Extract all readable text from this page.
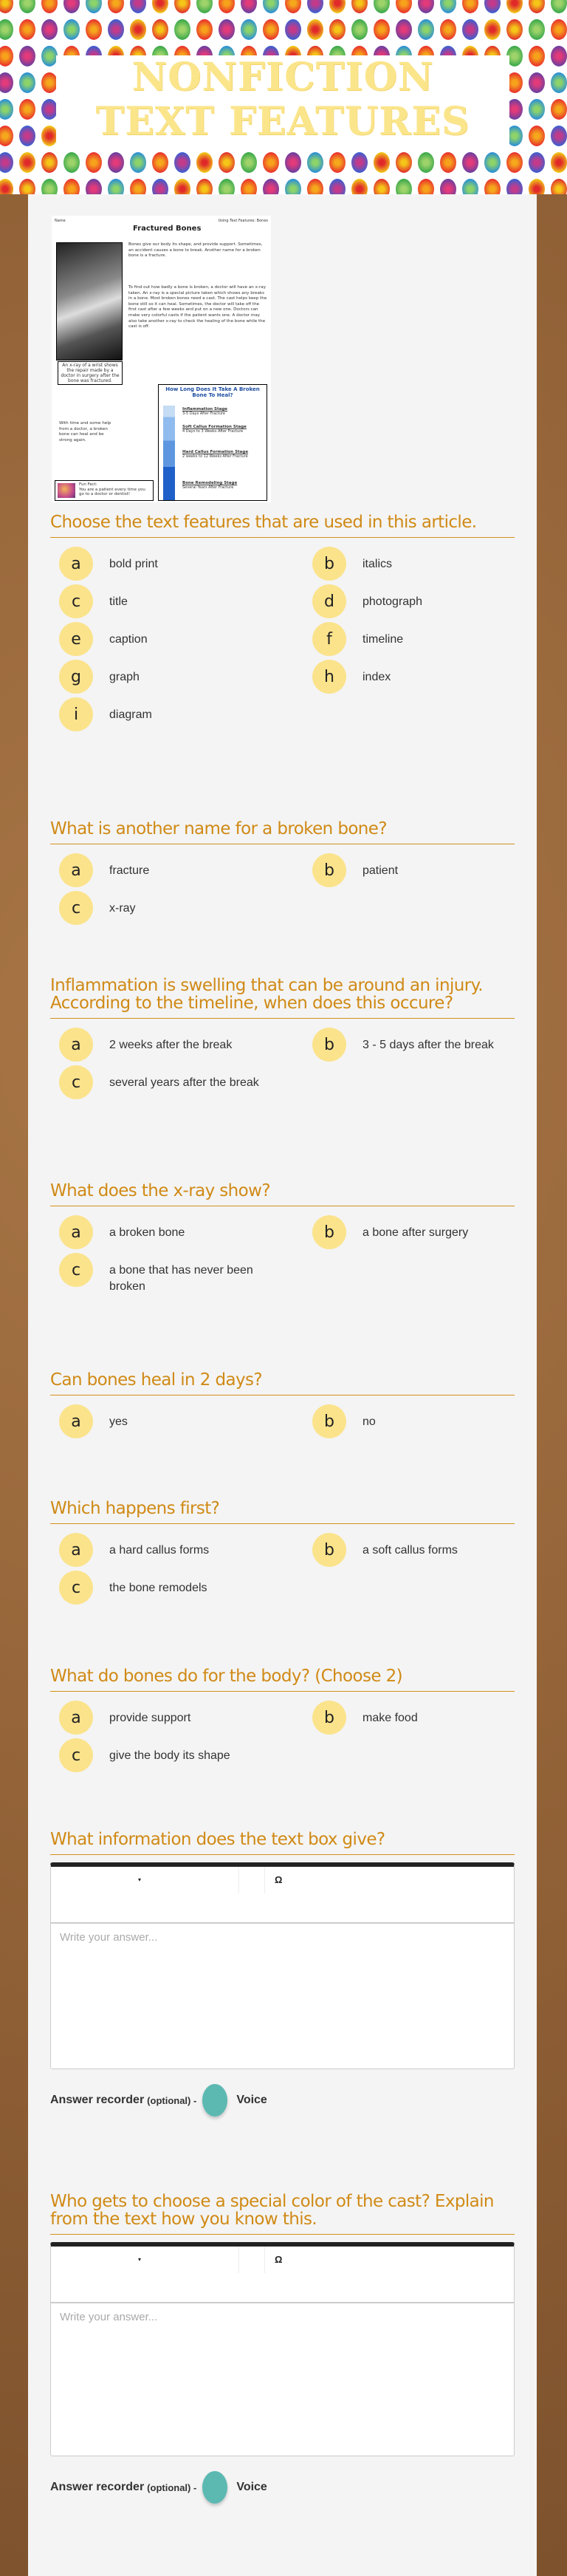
NONFICTION
TEXT FEATURES
Name	Using Text Features: Bones
Fractured Bones
An x-ray of a wrist shows the repair made by a doctor in surgery after the bone was fractured.
Bones give our body its shape, and provide support. Sometimes, an accident causes a bone to break. Another name for a broken bone is a fracture.
To find out how badly a bone is broken, a doctor will have an x-ray taken. An x-ray is a special picture taken which shows any breaks in a bone. Most broken bones need a cast. The cast helps keep the bone still so it can heal. Sometimes, the doctor will take off the first cast after a few weeks and put on a new one. Doctors can make very colorful casts if the patient wants one. A doctor may also take another x-ray to check the healing of the bone while the cast is off.
With time and some help from a doctor, a broken bone can heal and be strong again.
How Long Does It Take A Broken Bone To Heal?
Inflammation Stage
3-5 Days After Fracture
Soft Callus Formation Stage
4 Days to 3 Weeks After Fracture
Hard Callus Formation Stage
2 weeks to 12 Weeks After Fracture
Bone Remodeling Stage
Several Years After Fracture
Fun Fact:
You are a patient every time you go to a doctor or dentist!
Choose the text features that are used in this article.
a	bold print	b	italics
c	title	d	photograph
e	caption	f	timeline
g	graph	h	index
i	diagram
What is another name for a broken bone?
a	fracture	b	patient
c	x-ray
Inflammation is swelling that can be around an injury. According to the timeline, when does this occure?
a	2 weeks after the break	b	3 - 5 days after the break
c	several years after the break
What does the x-ray show?
a	a broken bone	b	a bone after surgery
c	a bone that has never been broken
Can bones heal in 2 days?
a	yes	b	no
Which happens first?
a	a hard callus forms	b	a soft callus forms
c	the bone remodels
What do bones do for the body? (Choose 2)
a	provide support	b	make food
c	give the body its shape
What information does the text box give?
▾	Ω
Write your answer...
Answer recorder (optional) -	Voice
Who gets to choose a special color of the cast? Explain from the text how you know this.
▾	Ω
Write your answer...
Answer recorder (optional) -	Voice
